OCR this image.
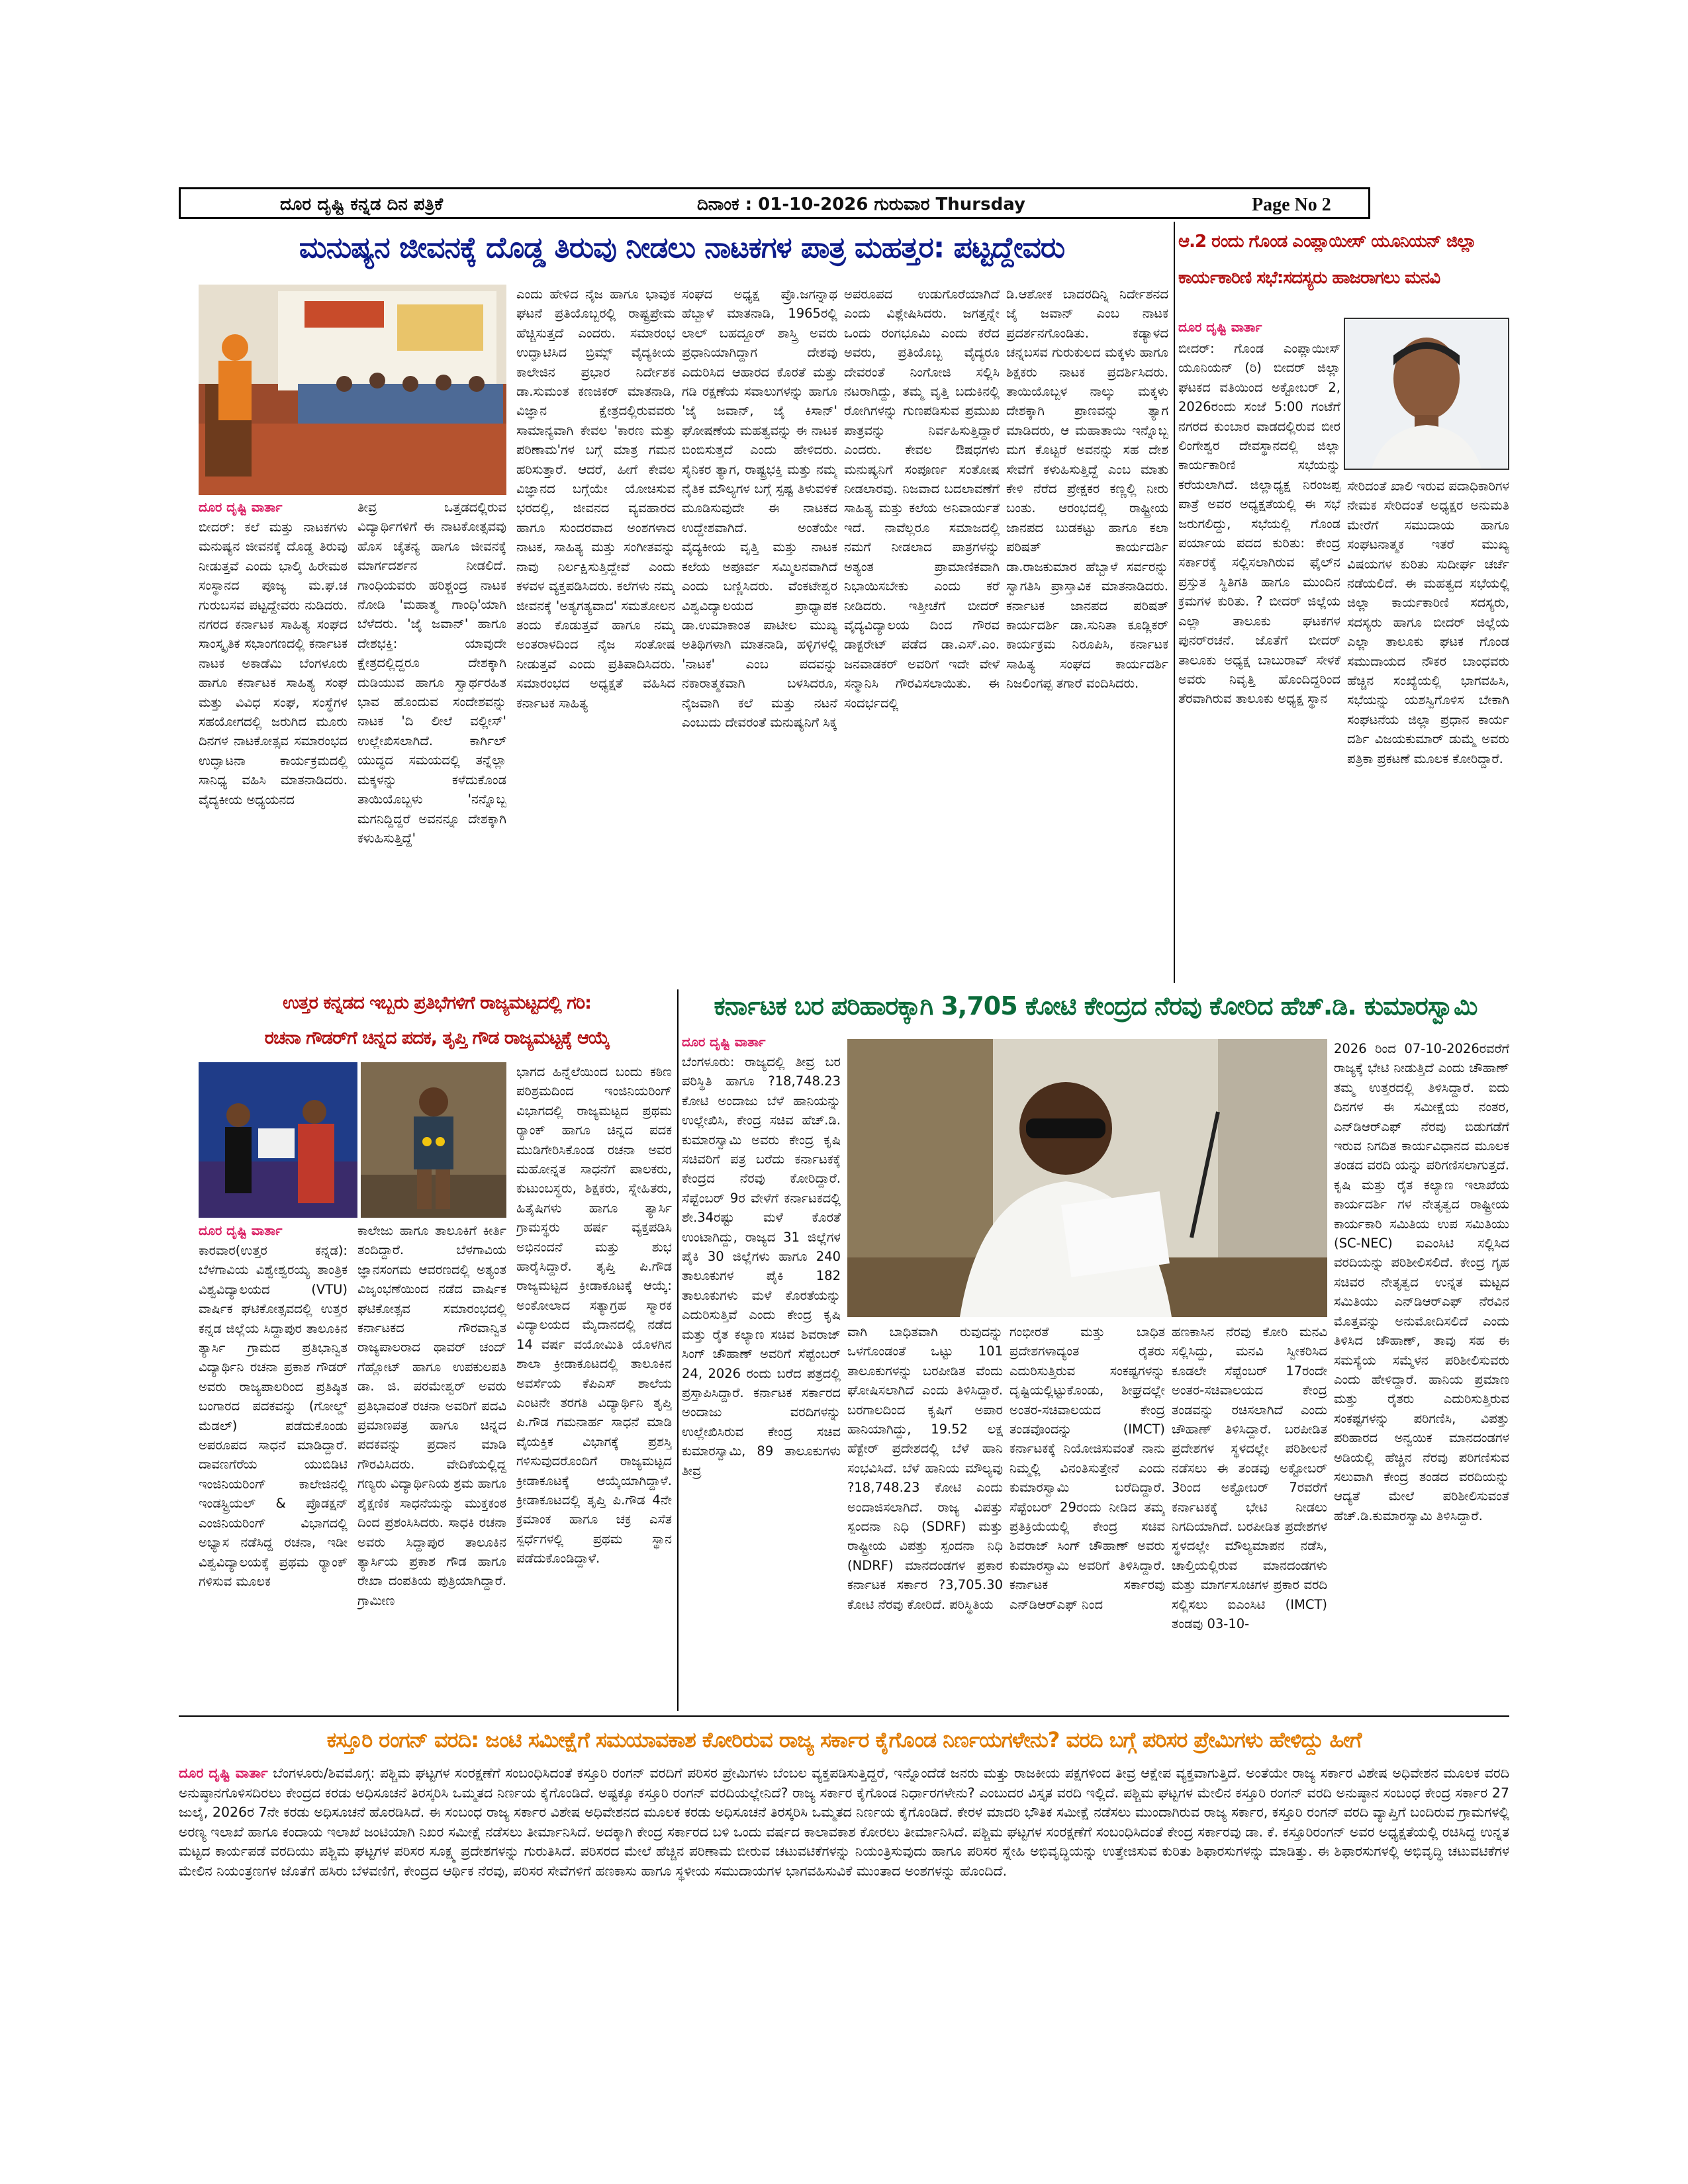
ದೂರ ದೃಷ್ಟಿ ಕನ್ನಡ ದಿನ ಪತ್ರಿಕೆ	ದಿನಾಂಕ : 01-10-2026 ಗುರುವಾರ Thursday	Page No 2
ಮನುಷ್ಯನ ಜೀವನಕ್ಕೆ ದೊಡ್ಡ ತಿರುವು ನೀಡಲು ನಾಟಕಗಳ ಪಾತ್ರ ಮಹತ್ತರ: ಪಟ್ಟದ್ದೇವರು
ದೂರ ದೃಷ್ಟಿ ವಾರ್ತಾ
ಬೀದರ್: ಕಲೆ ಮತ್ತು ನಾಟಕಗಳು ಮನುಷ್ಯನ ಜೀವನಕ್ಕೆ ದೊಡ್ಡ ತಿರುವು ನೀಡುತ್ತವೆ ಎಂದು ಭಾಲ್ಕಿ ಹಿರೇಮಠ ಸಂಸ್ಥಾನದ ಪೂಜ್ಯ ಮ.ಘ.ಚ ಗುರುಬಸವ ಪಟ್ಟದ್ದೇವರು ನುಡಿದರು. ನಗರದ ಕರ್ನಾಟಕ ಸಾಹಿತ್ಯ ಸಂಘದ ಸಾಂಸ್ಕೃತಿಕ ಸಭಾಂಗಣದಲ್ಲಿ ಕರ್ನಾಟಕ ನಾಟಕ ಅಕಾಡೆಮಿ ಬೆಂಗಳೂರು ಹಾಗೂ ಕರ್ನಾಟಕ ಸಾಹಿತ್ಯ ಸಂಘ ಮತ್ತು ವಿವಿಧ ಸಂಘ, ಸಂಸ್ಥೆಗಳ ಸಹಯೋಗದಲ್ಲಿ ಜರುಗಿದ ಮೂರು ದಿನಗಳ ನಾಟಕೋತ್ಸವ ಸಮಾರಂಭದ ಉದ್ಘಾಟನಾ ಕಾರ್ಯಕ್ರಮದಲ್ಲಿ ಸಾನಿಧ್ಯ ವಹಿಸಿ ಮಾತನಾಡಿದರು. ವೈದ್ಯಕೀಯ ಅಧ್ಯಯನದ
ತೀವ್ರ ಒತ್ತಡದಲ್ಲಿರುವ ವಿದ್ಯಾರ್ಥಿಗಳಿಗೆ ಈ ನಾಟಕೋತ್ಸವವು ಹೊಸ ಚೈತನ್ಯ ಹಾಗೂ ಜೀವನಕ್ಕೆ ಮಾರ್ಗದರ್ಶನ ನೀಡಲಿದೆ. ಗಾಂಧಿಯವರು ಹರಿಶ್ಚಂದ್ರ ನಾಟಕ ನೋಡಿ 'ಮಹಾತ್ಮ ಗಾಂಧಿ'ಯಾಗಿ ಬೆಳೆದರು. 'ಜೈ ಜವಾನ್' ಹಾಗೂ ದೇಶಭಕ್ತಿ: ಯಾವುದೇ ಕ್ಷೇತ್ರದಲ್ಲಿದ್ದರೂ ದೇಶಕ್ಕಾಗಿ ದುಡಿಯುವ ಹಾಗೂ ಸ್ವಾರ್ಥರಹಿತ ಭಾವ ಹೊಂದುವ ಸಂದೇಶವನ್ನು ನಾಟಕ 'ದಿ ಲೀಲೆ ವಲ್ಲೀಸ್' ಉಲ್ಲೇಖಿಸಲಾಗಿದೆ. ಕಾರ್ಗಿಲ್ ಯುದ್ಧದ ಸಮಯದಲ್ಲಿ ತನ್ನೆಲ್ಲಾ ಮಕ್ಕಳನ್ನು ಕಳೆದುಕೊಂಡ ತಾಯಿಯೊಬ್ಬಳು 'ನನ್ನೊಬ್ಬ ಮಗನಿದ್ದಿದ್ದರೆ ಅವನನ್ನೂ ದೇಶಕ್ಕಾಗಿ ಕಳುಹಿಸುತ್ತಿದ್ದೆ'
ಎಂದು ಹೇಳಿದ ನೈಜ ಹಾಗೂ ಭಾವುಕ ಘಟನೆ ಪ್ರತಿಯೊಬ್ಬರಲ್ಲಿ ರಾಷ್ಟ್ರಪ್ರೇಮ ಹೆಚ್ಚಿಸುತ್ತದೆ ಎಂದರು. ಸಮಾರಂಭ ಉದ್ಘಾಟಿಸಿದ ಬ್ರಿಮ್ಸ್ ವೈದ್ಯಕೀಯ ಕಾಲೇಜಿನ ಪ್ರಭಾರ ನಿರ್ದೇಶಕ ಡಾ.ಸುಮಂತ ಕಣಜಿಕರ್ ಮಾತನಾಡಿ, ವಿಜ್ಞಾನ ಕ್ಷೇತ್ರದಲ್ಲಿರುವವರು ಸಾಮಾನ್ಯವಾಗಿ ಕೇವಲ 'ಕಾರಣ ಮತ್ತು ಪರಿಣಾಮ'ಗಳ ಬಗ್ಗೆ ಮಾತ್ರ ಗಮನ ಹರಿಸುತ್ತಾರೆ. ಆದರೆ, ಹೀಗೆ ಕೇವಲ ವಿಜ್ಞಾನದ ಬಗ್ಗೆಯೇ ಯೋಚಿಸುವ ಭರದಲ್ಲಿ, ಜೀವನದ ವ್ಯವಹಾರದ ಹಾಗೂ ಸುಂದರವಾದ ಅಂಶಗಳಾದ ನಾಟಕ, ಸಾಹಿತ್ಯ ಮತ್ತು ಸಂಗೀತವನ್ನು ನಾವು ನಿರ್ಲಕ್ಷಿಸುತ್ತಿದ್ದೇವೆ ಎಂದು ಕಳವಳ ವ್ಯಕ್ತಪಡಿಸಿದರು. ಕಲೆಗಳು ನಮ್ಮ ಜೀವನಕ್ಕೆ 'ಅತ್ಯಗತ್ಯವಾದ' ಸಮತೋಲನ ತಂದು ಕೊಡುತ್ತವೆ ಹಾಗೂ ನಮ್ಮ ಅಂತರಾಳದಿಂದ ನೈಜ ಸಂತೋಷ ನೀಡುತ್ತವೆ ಎಂದು ಪ್ರತಿಪಾದಿಸಿದರು. ಸಮಾರಂಭದ ಅಧ್ಯಕ್ಷತೆ ವಹಿಸಿದ ಕರ್ನಾಟಕ ಸಾಹಿತ್ಯ
ಸಂಘದ ಅಧ್ಯಕ್ಷ ಪ್ರೊ.ಜಗನ್ನಾಥ ಹೆಬ್ಬಾಳೆ ಮಾತನಾಡಿ, 1965ರಲ್ಲಿ ಲಾಲ್ ಬಹದ್ದೂರ್ ಶಾಸ್ತ್ರಿ ಅವರು ಪ್ರಧಾನಿಯಾಗಿದ್ದಾಗ ದೇಶವು ಎದುರಿಸಿದ ಆಹಾರದ ಕೊರತೆ ಮತ್ತು ಗಡಿ ರಕ್ಷಣೆಯ ಸವಾಲುಗಳನ್ನು ಹಾಗೂ 'ಜೈ ಜವಾನ್, ಜೈ ಕಿಸಾನ್' ಘೋಷಣೆಯ ಮಹತ್ವವನ್ನು ಈ ನಾಟಕ ಬಿಂಬಿಸುತ್ತದೆ ಎಂದು ಹೇಳಿದರು. ಸೈನಿಕರ ತ್ಯಾಗ, ರಾಷ್ಟ್ರಭಕ್ತಿ ಮತ್ತು ನಮ್ಮ ನೈತಿಕ ಮೌಲ್ಯಗಳ ಬಗ್ಗೆ ಸ್ಪಷ್ಟ ತಿಳುವಳಿಕೆ ಮೂಡಿಸುವುದೇ ಈ ನಾಟಕದ ಉದ್ದೇಶವಾಗಿದೆ. ಅಂತೆಯೇ ವೈದ್ಯಕೀಯ ವೃತ್ತಿ ಮತ್ತು ನಾಟಕ ಕಲೆಯ ಅಪೂರ್ವ ಸಮ್ಮಿಲನವಾಗಿದೆ ಎಂದು ಬಣ್ಣಿಸಿದರು. ವೆಂಕಟೇಶ್ವರ ವಿಶ್ವವಿದ್ಯಾಲಯದ ಪ್ರಾಧ್ಯಾಪಕ ಡಾ.ಉಮಾಕಾಂತ ಪಾಟೀಲ ಮುಖ್ಯ ಅತಿಥಿಗಳಾಗಿ ಮಾತನಾಡಿ, ಹಳ್ಳಿಗಳಲ್ಲಿ 'ನಾಟಕ' ಎಂಬ ಪದವನ್ನು ನಕಾರಾತ್ಮಕವಾಗಿ ಬಳಸಿದರೂ, ನೈಜವಾಗಿ ಕಲೆ ಮತ್ತು ನಟನೆ ಎಂಬುದು ದೇವರಂತೆ ಮನುಷ್ಯನಿಗೆ ಸಿಕ್ಕ
ಅಪರೂಪದ ಉಡುಗೊರೆಯಾಗಿದೆ ಎಂದು ವಿಶ್ಲೇಷಿಸಿದರು. ಜಗತ್ತನ್ನೇ ಒಂದು ರಂಗಭೂಮಿ ಎಂದು ಕರೆದ ಅವರು, ಪ್ರತಿಯೊಬ್ಬ ವೈದ್ಯರೂ ದೇವರಂತೆ ನಿಂಗೋಜಿ ಸಲ್ಲಿಸಿ ನಟರಾಗಿದ್ದು, ತಮ್ಮ ವೃತ್ತಿ ಬದುಕಿನಲ್ಲಿ ರೋಗಿಗಳನ್ನು ಗುಣಪಡಿಸುವ ಪ್ರಮುಖ ಪಾತ್ರವನ್ನು ನಿರ್ವಹಿಸುತ್ತಿದ್ದಾರೆ ಎಂದರು. ಕೇವಲ ಔಷಧಗಳು ಮನುಷ್ಯನಿಗೆ ಸಂಪೂರ್ಣ ಸಂತೋಷ ನೀಡಲಾರವು. ನಿಜವಾದ ಬದಲಾವಣೆಗೆ ಸಾಹಿತ್ಯ ಮತ್ತು ಕಲೆಯ ಅನಿವಾರ್ಯತೆ ಇದೆ. ನಾವೆಲ್ಲರೂ ಸಮಾಜದಲ್ಲಿ ನಮಗೆ ನೀಡಲಾದ ಪಾತ್ರಗಳನ್ನು ಅತ್ಯಂತ ಪ್ರಾಮಾಣಿಕವಾಗಿ ನಿಭಾಯಿಸಬೇಕು ಎಂದು ಕರೆ ನೀಡಿದರು. ಇತ್ತೀಚೆಗೆ ಬೀದರ್ ವೈದ್ಯವಿದ್ಯಾಲಯ ದಿಂದ ಗೌರವ ಡಾಕ್ಟರೇಟ್ ಪಡೆದ ಡಾ.ಎಸ್.ಎಂ. ಜನವಾಡಕರ್ ಅವರಿಗೆ ಇದೇ ವೇಳೆ ಸನ್ಮಾನಿಸಿ ಗೌರವಿಸಲಾಯಿತು. ಈ ಸಂದರ್ಭದಲ್ಲಿ
ಡಿ.ಆಶೋಕ ಬಾದರದಿನ್ನಿ ನಿರ್ದೇಶನದ ಜೈ ಜವಾನ್ ಎಂಬ ನಾಟಕ ಪ್ರದರ್ಶನಗೊಂಡಿತು. ಕಡ್ಯಾಳದ ಚನ್ನಬಸವ ಗುರುಕುಲದ ಮಕ್ಕಳು ಹಾಗೂ ಶಿಕ್ಷಕರು ನಾಟಕ ಪ್ರದರ್ಶಿಸಿದರು. ತಾಯಿಯೊಬ್ಬಳ ನಾಲ್ಕು ಮಕ್ಕಳು ದೇಶಕ್ಕಾಗಿ ಪ್ರಾಣವನ್ನು ತ್ಯಾಗ ಮಾಡಿದರು, ಆ ಮಹಾತಾಯಿ ಇನ್ನೊಬ್ಬ ಮಗ ಕೊಟ್ಟರೆ ಅವನನ್ನು ಸಹ ದೇಶ ಸೇವೆಗೆ ಕಳುಹಿಸುತ್ತಿದ್ದೆ ಎಂಬ ಮಾತು ಕೇಳಿ ನೆರೆದ ಪ್ರೇಕ್ಷಕರ ಕಣ್ಣಲ್ಲಿ ನೀರು ಬಂತು. ಆರಂಭದಲ್ಲಿ ರಾಷ್ಟ್ರೀಯ ಜಾನಪದ ಬುಡಕಟ್ಟು ಹಾಗೂ ಕಲಾ ಪರಿಷತ್ ಕಾರ್ಯದರ್ಶಿ ಡಾ.ರಾಜಕುಮಾರ ಹೆಬ್ಬಾಳೆ ಸರ್ವರನ್ನು ಸ್ವಾಗತಿಸಿ ಪ್ರಾಸ್ತಾವಿಕ ಮಾತನಾಡಿದರು. ಕರ್ನಾಟಕ ಜಾನಪದ ಪರಿಷತ್ ಕಾರ್ಯದರ್ಶಿ ಡಾ.ಸುನಿತಾ ಕೂಡ್ಲಿಕರ್ ಕಾರ್ಯಕ್ರಮ ನಿರೂಪಿಸಿ, ಕರ್ನಾಟಕ ಸಾಹಿತ್ಯ ಸಂಘದ ಕಾರ್ಯದರ್ಶಿ ನಿಜಲಿಂಗಪ್ಪ ತಗಾರೆ ವಂದಿಸಿದರು.
ಆ.2 ರಂದು ಗೊಂಡ ಎಂಪ್ಲಾಯೀಸ್ ಯೂನಿಯನ್ ಜಿಲ್ಲಾ
ಕಾರ್ಯಕಾರಿಣಿ ಸಭೆ:ಸದಸ್ಯರು ಹಾಜರಾಗಲು ಮನವಿ
ದೂರ ದೃಷ್ಟಿ ವಾರ್ತಾ
ಬೀದರ್: ಗೊಂಡ ಎಂಪ್ಲಾಯೀಸ್ ಯೂನಿಯನ್ (ರಿ) ಬೀದರ್ ಜಿಲ್ಲಾ ಘಟಕದ ವತಿಯಿಂದ ಅಕ್ಟೋಬರ್ 2, 2026ರಂದು ಸಂಜೆ 5:00 ಗಂಟೆಗೆ ನಗರದ ಕುಂಬಾರ ವಾಡದಲ್ಲಿರುವ ಬೀರ ಲಿಂಗೇಶ್ವರ ದೇವಸ್ಥಾನದಲ್ಲಿ ಜಿಲ್ಲಾ ಕಾರ್ಯಕಾರಿಣಿ ಸಭೆಯನ್ನು ಕರೆಯಲಾಗಿದೆ. ಜಿಲ್ಲಾಧ್ಯಕ್ಷ ನಿರಂಜಪ್ಪ ಪಾತ್ರೆ ಅವರ ಅಧ್ಯಕ್ಷತೆಯಲ್ಲಿ ಈ ಸಭೆ ಜರುಗಲಿದ್ದು, ಸಭೆಯಲ್ಲಿ ಗೊಂಡ ಪರ್ಯಾಯ ಪದದ ಕುರಿತು: ಕೇಂದ್ರ ಸರ್ಕಾರಕ್ಕೆ ಸಲ್ಲಿಸಲಾಗಿರುವ ಫೈಲ್‌ನ ಪ್ರಸ್ತುತ ಸ್ಥಿತಿಗತಿ ಹಾಗೂ ಮುಂದಿನ ಕ್ರಮಗಳ ಕುರಿತು. ? ಬೀದರ್ ಜಿಲ್ಲೆಯ ಎಲ್ಲಾ ತಾಲೂಕು ಘಟಕಗಳ ಪುನರ್‌ರಚನೆ. ಜೊತೆಗೆ ಬೀದರ್ ತಾಲೂಕು ಅಧ್ಯಕ್ಷ ಬಾಬುರಾವ್ ಸೇಳಕೆ ಅವರು ನಿವೃತ್ತಿ ಹೊಂದಿದ್ದರಿಂದ ತೆರವಾಗಿರುವ ತಾಲೂಕು ಅಧ್ಯಕ್ಷ ಸ್ಥಾನ
ಸೇರಿದಂತೆ ಖಾಲಿ ಇರುವ ಪದಾಧಿಕಾರಿಗಳ ನೇಮಕ ಸೇರಿದಂತೆ ಅಧ್ಯಕ್ಷರ ಅನುಮತಿ ಮೇರೆಗೆ ಸಮುದಾಯ ಹಾಗೂ ಸಂಘಟನಾತ್ಮಕ ಇತರೆ ಮುಖ್ಯ ವಿಷಯಗಳ ಕುರಿತು ಸುದೀರ್ಘ ಚರ್ಚೆ ನಡೆಯಲಿದೆ. ಈ ಮಹತ್ವದ ಸಭೆಯಲ್ಲಿ ಜಿಲ್ಲಾ ಕಾರ್ಯಕಾರಿಣಿ ಸದಸ್ಯರು, ಸದಸ್ಯರು ಹಾಗೂ ಬೀದರ್ ಜಿಲ್ಲೆಯ ಎಲ್ಲಾ ತಾಲೂಕು ಘಟಕ ಗೊಂಡ ಸಮುದಾಯದ ನೌಕರ ಬಾಂಧವರು ಹೆಚ್ಚಿನ ಸಂಖ್ಯೆಯಲ್ಲಿ ಭಾಗವಹಿಸಿ, ಸಭೆಯನ್ನು ಯಶಸ್ವಿಗೊಳಿಸ ಬೇಕಾಗಿ ಸಂಘಟನೆಯ ಜಿಲ್ಲಾ ಪ್ರಧಾನ ಕಾರ್ಯ ದರ್ಶಿ ವಿಜಯಕುಮಾರ್ ಡುಮ್ಮೆ ಅವರು ಪತ್ರಿಕಾ ಪ್ರಕಟಣೆ ಮೂಲಕ ಕೋರಿದ್ದಾರೆ.
ಉತ್ತರ ಕನ್ನಡದ ಇಬ್ಬರು ಪ್ರತಿಭೆಗಳಿಗೆ ರಾಜ್ಯಮಟ್ಟದಲ್ಲಿ ಗರಿ:
ರಚನಾ ಗೌಡರ್‌ಗೆ ಚಿನ್ನದ ಪದಕ, ತೃಪ್ತಿ ಗೌಡ ರಾಜ್ಯಮಟ್ಟಕ್ಕೆ ಆಯ್ಕೆ
ದೂರ ದೃಷ್ಟಿ ವಾರ್ತಾ
ಕಾರವಾರ(ಉತ್ತರ ಕನ್ನಡ): ಬೆಳಗಾವಿಯ ವಿಶ್ವೇಶ್ವರಯ್ಯ ತಾಂತ್ರಿಕ ವಿಶ್ವವಿದ್ಯಾಲಯದ (VTU) ವಾರ್ಷಿಕ ಘಟಿಕೋತ್ಸವದಲ್ಲಿ ಉತ್ತರ ಕನ್ನಡ ಜಿಲ್ಲೆಯ ಸಿದ್ದಾಪುರ ತಾಲೂಕಿನ ತ್ಯಾರ್ಸಿ ಗ್ರಾಮದ ಪ್ರತಿಭಾನ್ವಿತ ವಿದ್ಯಾರ್ಥಿನಿ ರಚನಾ ಪ್ರಕಾಶ ಗೌಡರ್ ಅವರು ರಾಜ್ಯಪಾಲರಿಂದ ಪ್ರತಿಷ್ಠಿತ ಬಂಗಾರದ ಪದಕವನ್ನು (ಗೋಲ್ಡ್ ಮೆಡಲ್) ಪಡೆದುಕೊಂಡು ಅಪರೂಪದ ಸಾಧನೆ ಮಾಡಿದ್ದಾರೆ. ದಾವಣಗೆರೆಯ ಯುಬಿಡಿಟಿ ಇಂಜಿನಿಯರಿಂಗ್ ಕಾಲೇಜಿನಲ್ಲಿ ಇಂಡಸ್ಟ್ರಿಯಲ್ & ಪ್ರೊಡಕ್ಷನ್ ಎಂಜಿನಿಯರಿಂಗ್ ವಿಭಾಗದಲ್ಲಿ ಅಭ್ಯಾಸ ನಡೆಸಿದ್ದ ರಚನಾ, ಇಡೀ ವಿಶ್ವವಿದ್ಯಾಲಯಕ್ಕೆ ಪ್ರಥಮ ರ‍್ಯಾಂಕ್ ಗಳಿಸುವ ಮೂಲಕ
ಕಾಲೇಜು ಹಾಗೂ ತಾಲೂಕಿಗೆ ಕೀರ್ತಿ ತಂದಿದ್ದಾರೆ. ಬೆಳಗಾವಿಯ ಜ್ಞಾನಸಂಗಮ ಆವರಣದಲ್ಲಿ ಅತ್ಯಂತ ವಿಜೃಂಭಣೆಯಿಂದ ನಡೆದ ವಾರ್ಷಿಕ ಘಟಿಕೋತ್ಸವ ಸಮಾರಂಭದಲ್ಲಿ ಕರ್ನಾಟಕದ ಗೌರವಾನ್ವಿತ ರಾಜ್ಯಪಾಲರಾದ ಥಾವರ್ ಚಂದ್ ಗೆಹ್ಲೋಟ್ ಹಾಗೂ ಉಪಕುಲಪತಿ ಡಾ. ಜಿ. ಪರಮೇಶ್ವರ್ ಅವರು ಪ್ರತಿಭಾವಂತೆ ರಚನಾ ಅವರಿಗೆ ಪದವಿ ಪ್ರಮಾಣಪತ್ರ ಹಾಗೂ ಚಿನ್ನದ ಪದಕವನ್ನು ಪ್ರದಾನ ಮಾಡಿ ಗೌರವಿಸಿದರು. ವೇದಿಕೆಯಲ್ಲಿದ್ದ ಗಣ್ಯರು ವಿದ್ಯಾರ್ಥಿನಿಯ ಶ್ರಮ ಹಾಗೂ ಶೈಕ್ಷಣಿಕ ಸಾಧನೆಯನ್ನು ಮುಕ್ತಕಂಠ ದಿಂದ ಪ್ರಶಂಸಿಸಿದರು. ಸಾಧಕಿ ರಚನಾ ಅವರು ಸಿದ್ದಾಪುರ ತಾಲೂಕಿನ ತ್ಯಾರ್ಸಿಯ ಪ್ರಕಾಶ ಗೌಡ ಹಾಗೂ ರೇಖಾ ದಂಪತಿಯ ಪುತ್ರಿಯಾಗಿದ್ದಾರೆ. ಗ್ರಾಮೀಣ
ಭಾಗದ ಹಿನ್ನೆಲೆಯಿಂದ ಬಂದು ಕಠಿಣ ಪರಿಶ್ರಮದಿಂದ ಇಂಜಿನಿಯರಿಂಗ್ ವಿಭಾಗದಲ್ಲಿ ರಾಜ್ಯಮಟ್ಟದ ಪ್ರಥಮ ರ‍್ಯಾಂಕ್ ಹಾಗೂ ಚಿನ್ನದ ಪದಕ ಮುಡಿಗೇರಿಸಿಕೊಂಡ ರಚನಾ ಅವರ ಮಹೋನ್ನತ ಸಾಧನೆಗೆ ಪಾಲಕರು, ಕುಟುಂಬಸ್ಥರು, ಶಿಕ್ಷಕರು, ಸ್ನೇಹಿತರು, ಹಿತೈಷಿಗಳು ಹಾಗೂ ತ್ಯಾರ್ಸಿ ಗ್ರಾಮಸ್ಥರು ಹರ್ಷ ವ್ಯಕ್ತಪಡಿಸಿ ಅಭಿನಂದನೆ ಮತ್ತು ಶುಭ ಹಾರೈಸಿದ್ದಾರೆ. ತೃಪ್ತಿ ಪಿ.ಗೌಡ ರಾಜ್ಯಮಟ್ಟದ ಕ್ರೀಡಾಕೂಟಕ್ಕೆ ಆಯ್ಕೆ: ಅಂಕೋಲಾದ ಸತ್ಯಾಗ್ರಹ ಸ್ಮಾರಕ ವಿದ್ಯಾಲಯದ ಮೈದಾನದಲ್ಲಿ ನಡೆದ 14 ವರ್ಷ ವಯೋಮಿತಿ ಯೊಳಗಿನ ಶಾಲಾ ಕ್ರೀಡಾಕೂಟದಲ್ಲಿ ತಾಲೂಕಿನ ಅವರ್ಸೆಯ ಕೆಪಿಎಸ್ ಶಾಲೆಯ ಎಂಟನೇ ತರಗತಿ ವಿದ್ಯಾರ್ಥಿನಿ ತೃಪ್ತಿ ಪಿ.ಗೌಡ ಗಮನಾರ್ಹ ಸಾಧನೆ ಮಾಡಿ ವೈಯಕ್ತಿಕ ವಿಭಾಗಕ್ಕೆ ಪ್ರಶಸ್ತಿ ಗಳಿಸುವುದರೊಂದಿಗೆ ರಾಜ್ಯಮಟ್ಟದ ಕ್ರೀಡಾಕೂಟಕ್ಕೆ ಆಯ್ಕೆಯಾಗಿದ್ದಾಳೆ. ಕ್ರೀಡಾಕೂಟದಲ್ಲಿ ತೃಪ್ತಿ ಪಿ.ಗೌಡ 4ನೇ ಕ್ರಮಾಂಕ ಹಾಗೂ ಚಕ್ರ ಎಸೆತ ಸ್ಪರ್ಧೆಗಳಲ್ಲಿ ಪ್ರಥಮ ಸ್ಥಾನ ಪಡೆದುಕೊಂಡಿದ್ದಾಳೆ.
ಕರ್ನಾಟಕ ಬರ ಪರಿಹಾರಕ್ಕಾಗಿ 3,705 ಕೋಟಿ ಕೇಂದ್ರದ ನೆರವು ಕೋರಿದ ಹೆಚ್.ಡಿ. ಕುಮಾರಸ್ವಾಮಿ
ದೂರ ದೃಷ್ಟಿ ವಾರ್ತಾ
ಬೆಂಗಳೂರು: ರಾಜ್ಯದಲ್ಲಿ ತೀವ್ರ ಬರ ಪರಿಸ್ಥಿತಿ ಹಾಗೂ ?18,748.23 ಕೋಟಿ ಅಂದಾಜು ಬೆಳೆ ಹಾನಿಯನ್ನು ಉಲ್ಲೇಖಿಸಿ, ಕೇಂದ್ರ ಸಚಿವ ಹೆಚ್.ಡಿ. ಕುಮಾರಸ್ವಾಮಿ ಅವರು ಕೇಂದ್ರ ಕೃಷಿ ಸಚಿವರಿಗೆ ಪತ್ರ ಬರೆದು ಕರ್ನಾಟಕಕ್ಕೆ ಕೇಂದ್ರದ ನೆರವು ಕೋರಿದ್ದಾರೆ. ಸೆಪ್ಟೆಂಬರ್ 9ರ ವೇಳೆಗೆ ಕರ್ನಾಟಕದಲ್ಲಿ ಶೇ.34ರಷ್ಟು ಮಳೆ ಕೊರತೆ ಉಂಟಾಗಿದ್ದು, ರಾಜ್ಯದ 31 ಜಿಲ್ಲೆಗಳ ಪೈಕಿ 30 ಜಿಲ್ಲೆಗಳು ಹಾಗೂ 240 ತಾಲೂಕುಗಳ ಪೈಕಿ 182 ತಾಲೂಕುಗಳು ಮಳೆ ಕೊರತೆಯನ್ನು ಎದುರಿಸುತ್ತಿವೆ ಎಂದು ಕೇಂದ್ರ ಕೃಷಿ ಮತ್ತು ರೈತ ಕಲ್ಯಾಣ ಸಚಿವ ಶಿವರಾಜ್ ಸಿಂಗ್ ಚೌಹಾಣ್ ಅವರಿಗೆ ಸೆಪ್ಟೆಂಬರ್ 24, 2026 ರಂದು ಬರೆದ ಪತ್ರದಲ್ಲಿ ಪ್ರಸ್ತಾಪಿಸಿದ್ದಾರೆ. ಕರ್ನಾಟಕ ಸರ್ಕಾರದ ಅಂದಾಜು ವರದಿಗಳನ್ನು ಉಲ್ಲೇಖಿಸಿರುವ ಕೇಂದ್ರ ಸಚಿವ ಕುಮಾರಸ್ವಾಮಿ, 89 ತಾಲೂಕುಗಳು ತೀವ್ರ
ವಾಗಿ ಬಾಧಿತವಾಗಿ ರುವುದನ್ನು ಒಳಗೊಂಡಂತೆ ಒಟ್ಟು 101 ತಾಲೂಕುಗಳನ್ನು ಬರಪೀಡಿತ ವೆಂದು ಘೋಷಿಸಲಾಗಿದೆ ಎಂದು ತಿಳಿಸಿದ್ದಾರೆ. ಬರಗಾಲದಿಂದ ಕೃಷಿಗೆ ಅಪಾರ ಹಾನಿಯಾಗಿದ್ದು, 19.52 ಲಕ್ಷ ಹೆಕ್ಟೇರ್ ಪ್ರದೇಶದಲ್ಲಿ ಬೆಳೆ ಹಾನಿ ಸಂಭವಿಸಿದೆ. ಬೆಳೆ ಹಾನಿಯ ಮೌಲ್ಯವು ?18,748.23 ಕೋಟಿ ಎಂದು ಅಂದಾಜಿಸಲಾಗಿದೆ. ರಾಜ್ಯ ವಿಪತ್ತು ಸ್ಪಂದನಾ ನಿಧಿ (SDRF) ಮತ್ತು ರಾಷ್ಟ್ರೀಯ ವಿಪತ್ತು ಸ್ಪಂದನಾ ನಿಧಿ (NDRF) ಮಾನದಂಡಗಳ ಪ್ರಕಾರ ಕರ್ನಾಟಕ ಸರ್ಕಾರ ?3,705.30 ಕೋಟಿ ನೆರವು ಕೋರಿದೆ. ಪರಿಸ್ಥಿತಿಯ
ಗಂಭೀರತೆ ಮತ್ತು ಬಾಧಿತ ಪ್ರದೇಶಗಳಾದ್ಯಂತ ರೈತರು ಎದುರಿಸುತ್ತಿರುವ ಸಂಕಷ್ಟಗಳನ್ನು ದೃಷ್ಟಿಯಲ್ಲಿಟ್ಟುಕೊಂಡು, ಶೀಘ್ರದಲ್ಲೇ ಅಂತರ-ಸಚಿವಾಲಯದ ಕೇಂದ್ರ ತಂಡವೊಂದನ್ನು (IMCT) ಕರ್ನಾಟಕಕ್ಕೆ ನಿಯೋಜಿಸುವಂತೆ ನಾನು ನಿಮ್ಮಲ್ಲಿ ವಿನಂತಿಸುತ್ತೇನೆ ಎಂದು ಕುಮಾರಸ್ವಾಮಿ ಬರೆದಿದ್ದಾರೆ. ಸೆಪ್ಟೆಂಬರ್ 29ರಂದು ನೀಡಿದ ತಮ್ಮ ಪ್ರತಿಕ್ರಿಯೆಯಲ್ಲಿ ಕೇಂದ್ರ ಸಚಿವ ಶಿವರಾಜ್ ಸಿಂಗ್ ಚೌಹಾಣ್ ಅವರು ಕುಮಾರಸ್ವಾಮಿ ಅವರಿಗೆ ತಿಳಿಸಿದ್ದಾರೆ. ಕರ್ನಾಟಕ ಸರ್ಕಾರವು ಎನ್‌ಡಿಆರ್‌ಎಫ್ ನಿಂದ
ಹಣಕಾಸಿನ ನೆರವು ಕೋರಿ ಮನವಿ ಸಲ್ಲಿಸಿದ್ದು, ಮನವಿ ಸ್ವೀಕರಿಸಿದ ಕೂಡಲೇ ಸೆಪ್ಟೆಂಬರ್ 17ರಂದೇ ಅಂತರ-ಸಚಿವಾಲಯದ ಕೇಂದ್ರ ತಂಡವನ್ನು ರಚಿಸಲಾಗಿದೆ ಎಂದು ಚೌಹಾಣ್ ತಿಳಿಸಿದ್ದಾರೆ. ಬರಪೀಡಿತ ಪ್ರದೇಶಗಳ ಸ್ಥಳದಲ್ಲೇ ಪರಿಶೀಲನೆ ನಡೆಸಲು ಈ ತಂಡವು ಅಕ್ಟೋಬರ್ 3ರಿಂದ ಅಕ್ಟೋಬರ್ 7ರವರೆಗೆ ಕರ್ನಾಟಕಕ್ಕೆ ಭೇಟಿ ನೀಡಲು ನಿಗದಿಯಾಗಿದೆ. ಬರಪೀಡಿತ ಪ್ರದೇಶಗಳ ಸ್ಥಳದಲ್ಲೇ ಮೌಲ್ಯಮಾಪನ ನಡೆಸಿ, ಚಾಲ್ತಿಯಲ್ಲಿರುವ ಮಾನದಂಡಗಳು ಮತ್ತು ಮಾರ್ಗಸೂಚಿಗಳ ಪ್ರಕಾರ ವರದಿ ಸಲ್ಲಿಸಲು ಐಎಂಸಿಟಿ (IMCT) ತಂಡವು 03-10-
2026 ರಿಂದ 07-10-2026ರವರೆಗೆ ರಾಜ್ಯಕ್ಕೆ ಭೇಟಿ ನೀಡುತ್ತಿದೆ ಎಂದು ಚೌಹಾಣ್ ತಮ್ಮ ಉತ್ತರದಲ್ಲಿ ತಿಳಿಸಿದ್ದಾರೆ. ಐದು ದಿನಗಳ ಈ ಸಮೀಕ್ಷೆಯ ನಂತರ, ಎನ್‌ಡಿಆರ್‌ಎಫ್ ನೆರವು ಬಿಡುಗಡೆಗೆ ಇರುವ ನಿಗದಿತ ಕಾರ್ಯವಿಧಾನದ ಮೂಲಕ ತಂಡದ ವರದಿ ಯನ್ನು ಪರಿಗಣಿಸಲಾಗುತ್ತದೆ. ಕೃಷಿ ಮತ್ತು ರೈತ ಕಲ್ಯಾಣ ಇಲಾಖೆಯ ಕಾರ್ಯದರ್ಶಿ ಗಳ ನೇತೃತ್ವದ ರಾಷ್ಟ್ರೀಯ ಕಾರ್ಯಕಾರಿ ಸಮಿತಿಯ ಉಪ ಸಮಿತಿಯು (SC-NEC) ಐಎಂಸಿಟಿ ಸಲ್ಲಿಸಿದ ವರದಿಯನ್ನು ಪರಿಶೀಲಿಸಲಿದೆ. ಕೇಂದ್ರ ಗೃಹ ಸಚಿವರ ನೇತೃತ್ವದ ಉನ್ನತ ಮಟ್ಟದ ಸಮಿತಿಯು ಎನ್‌ಡಿಆರ್‌ಎಫ್ ನೆರವಿನ ಮೊತ್ತವನ್ನು ಅನುಮೋದಿಸಲಿದೆ ಎಂದು ತಿಳಿಸಿದ ಚೌಹಾಣ್, ತಾವು ಸಹ ಈ ಸಮಸ್ಯೆಯ ಸಮ್ಮೆಳನ ಪರಿಶೀಲಿಸುವರು ಎಂದು ಹೇಳಿದ್ದಾರೆ. ಹಾನಿಯ ಪ್ರಮಾಣ ಮತ್ತು ರೈತರು ಎದುರಿಸುತ್ತಿರುವ ಸಂಕಷ್ಟಗಳನ್ನು ಪರಿಗಣಿಸಿ, ವಿಪತ್ತು ಪರಿಹಾರದ ಅನ್ವಯಿಕ ಮಾನದಂಡಗಳ ಅಡಿಯಲ್ಲಿ ಹೆಚ್ಚಿನ ನೆರವು ಪರಿಗಣಿಸುವ ಸಲುವಾಗಿ ಕೇಂದ್ರ ತಂಡದ ವರದಿಯನ್ನು ಆದ್ಯತೆ ಮೇಲೆ ಪರಿಶೀಲಿಸುವಂತೆ ಹೆಚ್.ಡಿ.ಕುಮಾರಸ್ವಾಮಿ ತಿಳಿಸಿದ್ದಾರೆ.
ಕಸ್ತೂರಿ ರಂಗನ್ ವರದಿ: ಜಂಟಿ ಸಮೀಕ್ಷೆಗೆ ಸಮಯಾವಕಾಶ ಕೋರಿರುವ ರಾಜ್ಯ ಸರ್ಕಾರ ಕೈಗೊಂಡ ನಿರ್ಣಯಗಳೇನು? ವರದಿ ಬಗ್ಗೆ ಪರಿಸರ ಪ್ರೇಮಿಗಳು ಹೇಳಿದ್ದು ಹೀಗೆ
ದೂರ ದೃಷ್ಟಿ ವಾರ್ತಾ ಬೆಂಗಳೂರು/ಶಿವಮೊಗ್ಗ: ಪಶ್ಚಿಮ ಘಟ್ಟಗಳ ಸಂರಕ್ಷಣೆಗೆ ಸಂಬಂಧಿಸಿದಂತೆ ಕಸ್ತೂರಿ ರಂಗನ್ ವರದಿಗೆ ಪರಿಸರ ಪ್ರೇಮಿಗಳು ಬೆಂಬಲ ವ್ಯಕ್ತಪಡಿಸುತ್ತಿದ್ದರೆ, ಇನ್ನೊಂದೆಡೆ ಜನರು ಮತ್ತು ರಾಜಕೀಯ ಪಕ್ಷಗಳಿಂದ ತೀವ್ರ ಆಕ್ಷೇಪ ವ್ಯಕ್ತವಾಗುತ್ತಿದೆ. ಅಂತೆಯೇ ರಾಜ್ಯ ಸರ್ಕಾರ ವಿಶೇಷ ಅಧಿವೇಶನ ಮೂಲಕ ವರದಿ ಅನುಷ್ಠಾನಗೊಳಿಸದಿರಲು ಕೇಂದ್ರದ ಕರಡು ಅಧಿಸೂಚನೆ ತಿರಸ್ಕರಿಸಿ ಒಮ್ಮತದ ನಿರ್ಣಯ ಕೈಗೊಂಡಿದೆ. ಅಷ್ಟಕ್ಕೂ ಕಸ್ತೂರಿ ರಂಗನ್ ವರದಿಯಲ್ಲೇನಿದೆ? ರಾಜ್ಯ ಸರ್ಕಾರ ಕೈಗೊಂಡ ನಿರ್ಧಾರಗಳೇನು? ಎಂಬುದರ ವಿಸ್ತೃತ ವರದಿ ಇಲ್ಲಿದೆ. ಪಶ್ಚಿಮ ಘಟ್ಟಗಳ ಮೇಲಿನ ಕಸ್ತೂರಿ ರಂಗನ್ ವರದಿ ಅನುಷ್ಠಾನ ಸಂಬಂಧ ಕೇಂದ್ರ ಸರ್ಕಾರ 27 ಜುಲೈ, 2026ರ 7ನೇ ಕರಡು ಅಧಿಸೂಚನೆ ಹೊರಡಿಸಿದೆ. ಈ ಸಂಬಂಧ ರಾಜ್ಯ ಸರ್ಕಾರ ವಿಶೇಷ ಅಧಿವೇಶನದ ಮೂಲಕ ಕರಡು ಅಧಿಸೂಚನೆ ತಿರಸ್ಕರಿಸಿ ಒಮ್ಮತದ ನಿರ್ಣಯ ಕೈಗೊಂಡಿದೆ. ಕೇರಳ ಮಾದರಿ ಭೌತಿಕ ಸಮೀಕ್ಷೆ ನಡೆಸಲು ಮುಂದಾಗಿರುವ ರಾಜ್ಯ ಸರ್ಕಾರ, ಕಸ್ತೂರಿ ರಂಗನ್ ವರದಿ ವ್ಯಾಪ್ತಿಗೆ ಬಂದಿರುವ ಗ್ರಾಮಗಳಲ್ಲಿ ಅರಣ್ಯ ಇಲಾಖೆ ಹಾಗೂ ಕಂದಾಯ ಇಲಾಖೆ ಜಂಟಿಯಾಗಿ ನಿಖರ ಸಮೀಕ್ಷೆ ನಡೆಸಲು ತೀರ್ಮಾನಿಸಿದೆ. ಅದಕ್ಕಾಗಿ ಕೇಂದ್ರ ಸರ್ಕಾರದ ಬಳಿ ಒಂದು ವರ್ಷದ ಕಾಲಾವಕಾಶ ಕೋರಲು ತೀರ್ಮಾನಿಸಿದೆ. ಪಶ್ಚಿಮ ಘಟ್ಟಗಳ ಸಂರಕ್ಷಣೆಗೆ ಸಂಬಂಧಿಸಿದಂತೆ ಕೇಂದ್ರ ಸರ್ಕಾರವು ಡಾ. ಕೆ. ಕಸ್ತೂರಿರಂಗನ್ ಅವರ ಅಧ್ಯಕ್ಷತೆಯಲ್ಲಿ ರಚಿಸಿದ್ದ ಉನ್ನತ ಮಟ್ಟದ ಕಾರ್ಯಪಡೆ ವರದಿಯು ಪಶ್ಚಿಮ ಘಟ್ಟಗಳ ಪರಿಸರ ಸೂಕ್ಷ್ಮ ಪ್ರದೇಶಗಳನ್ನು ಗುರುತಿಸಿದೆ. ಪರಿಸರದ ಮೇಲೆ ಹೆಚ್ಚಿನ ಪರಿಣಾಮ ಬೀರುವ ಚಟುವಟಿಕೆಗಳನ್ನು ನಿಯಂತ್ರಿಸುವುದು ಹಾಗೂ ಪರಿಸರ ಸ್ನೇಹಿ ಅಭಿವೃದ್ಧಿಯನ್ನು ಉತ್ತೇಜಿಸುವ ಕುರಿತು ಶಿಫಾರಸುಗಳನ್ನು ಮಾಡಿತ್ತು. ಈ ಶಿಫಾರಸುಗಳಲ್ಲಿ ಅಭಿವೃದ್ಧಿ ಚಟುವಟಿಕೆಗಳ ಮೇಲಿನ ನಿಯಂತ್ರಣಗಳ ಜೊತೆಗೆ ಹಸಿರು ಬೆಳವಣಿಗೆ, ಕೇಂದ್ರದ ಆರ್ಥಿಕ ನೆರವು, ಪರಿಸರ ಸೇವೆಗಳಿಗೆ ಹಣಕಾಸು ಹಾಗೂ ಸ್ಥಳೀಯ ಸಮುದಾಯಗಳ ಭಾಗವಹಿಸುವಿಕೆ ಮುಂತಾದ ಅಂಶಗಳನ್ನು ಹೊಂದಿದೆ.
